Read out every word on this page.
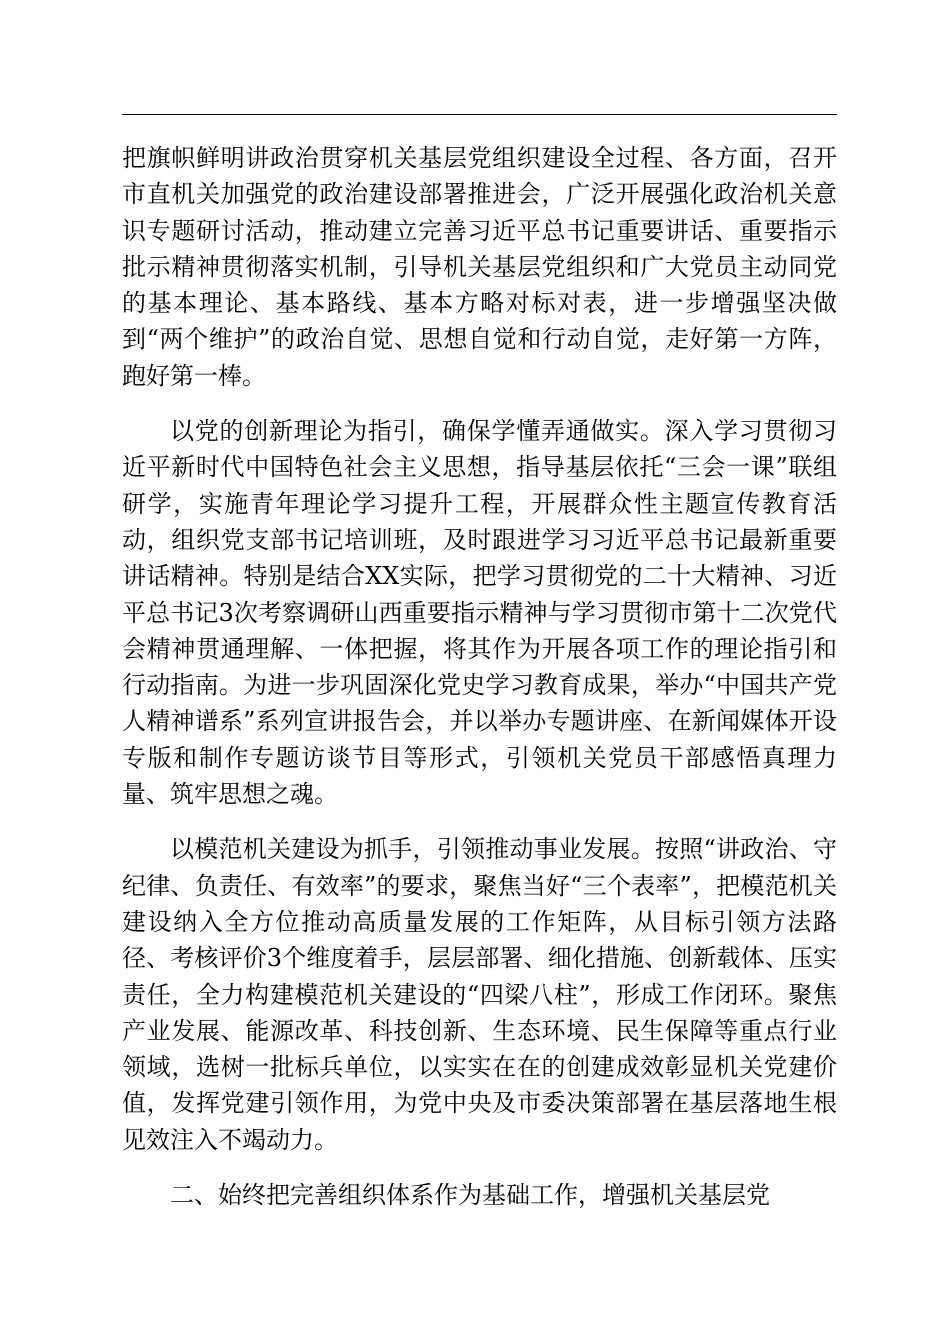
把旗帜鲜明讲政治贯穿机关基层党组织建设全过程、各方面，召开市直机关加强党的政治建设部署推进会，广泛开展强化政治机关意识专题研讨活动，推动建立完善习近平总书记重要讲话、重要指示批示精神贯彻落实机制，引导机关基层党组织和广大党员主动同党的基本理论、基本路线、基本方略对标对表，进一步增强坚决做到“两个维护”的政治自觉、思想自觉和行动自觉，走好第一方阵，跑好第一棒。

以党的创新理论为指引，确保学懂弄通做实。深入学习贯彻习近平新时代中国特色社会主义思想，指导基层依托“三会一课”联组研学，实施青年理论学习提升工程，开展群众性主题宣传教育活动，组织党支部书记培训班，及时跟进学习习近平总书记最新重要讲话精神。特别是结合XX实际，把学习贯彻党的二十大精神、习近平总书记3次考察调研山西重要指示精神与学习贯彻市第十二次党代会精神贯通理解、一体把握，将其作为开展各项工作的理论指引和行动指南。为进一步巩固深化党史学习教育成果，举办“中国共产党人精神谱系”系列宣讲报告会，并以举办专题讲座、在新闻媒体开设专版和制作专题访谈节目等形式，引领机关党员干部感悟真理力量、筑牢思想之魂。

以模范机关建设为抓手，引领推动事业发展。按照“讲政治、守纪律、负责任、有效率”的要求，聚焦当好“三个表率”，把模范机关建设纳入全方位推动高质量发展的工作矩阵，从目标引领方法路径、考核评价3个维度着手，层层部署、细化措施、创新载体、压实责任，全力构建模范机关建设的“四梁八柱”，形成工作闭环。聚焦产业发展、能源改革、科技创新、生态环境、民生保障等重点行业领域，选树一批标兵单位，以实实在在的创建成效彰显机关党建价值，发挥党建引领作用，为党中央及市委决策部署在基层落地生根见效注入不竭动力。

二、始终把完善组织体系作为基础工作，增强机关基层党
